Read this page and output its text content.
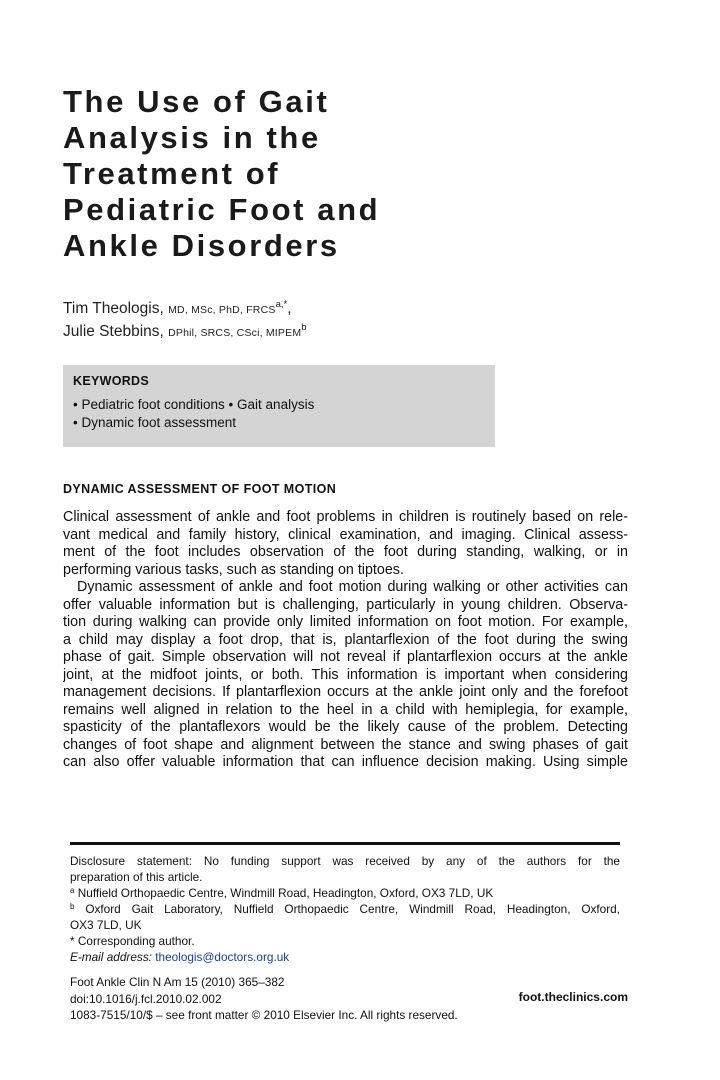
The Use of Gait
Analysis in the
Treatment of
Pediatric Foot and
Ankle Disorders
Tim Theologis, MD, MSc, PhD, $FRCS^{a,*}$,
Julie Stebbins, DPhil, SRCS, CSci, MIPEM$^b$
KEYWORDS
• Pediatric foot conditions • Gait analysis
• Dynamic foot assessment
DYNAMIC ASSESSMENT OF FOOT MOTION
Clinical assessment of ankle and foot problems in children is routinely based on rele-
vant medical and family history, clinical examination, and imaging. Clinical assess-
ment of the foot includes observation of the foot during standing, walking, or in
performing various tasks, such as standing on tiptoes.
Dynamic assessment of ankle and foot motion during walking or other activities can
offer valuable information but is challenging, particularly in young children. Observa-
tion during walking can provide only limited information on foot motion. For example,
a child may display a foot drop, that is, plantarflexion of the foot during the swing
phase of gait. Simple observation will not reveal if plantarflexion occurs at the ankle
joint, at the midfoot joints, or both. This information is important when considering
management decisions. If plantarflexion occurs at the ankle joint only and the forefoot
remains well aligned in relation to the heel in a child with hemiplegia, for example,
spasticity of the plantaflexors would be the likely cause of the problem. Detecting
changes of foot shape and alignment between the stance and swing phases of gait
can also offer valuable information that can influence decision making. Using simple
Disclosure statement: No funding support was received by any of the authors for the
preparation of this article.
$^a$ Nuffield Orthopaedic Centre, Windmill Road, Headington, Oxford, OX3 7LD, UK
$^b$ Oxford Gait Laboratory, Nuffield Orthopaedic Centre, Windmill Road, Headington, Oxford,
OX3 7LD, UK
* Corresponding author.
E-mail address: theologis@doctors.org.uk
Foot Ankle Clin N Am 15 (2010) 365–382
doi:10.1016/j.fcl.2010.02.002
1083-7515/10/$ – see front matter © 2010 Elsevier Inc. All rights reserved.
foot.theclinics.com
